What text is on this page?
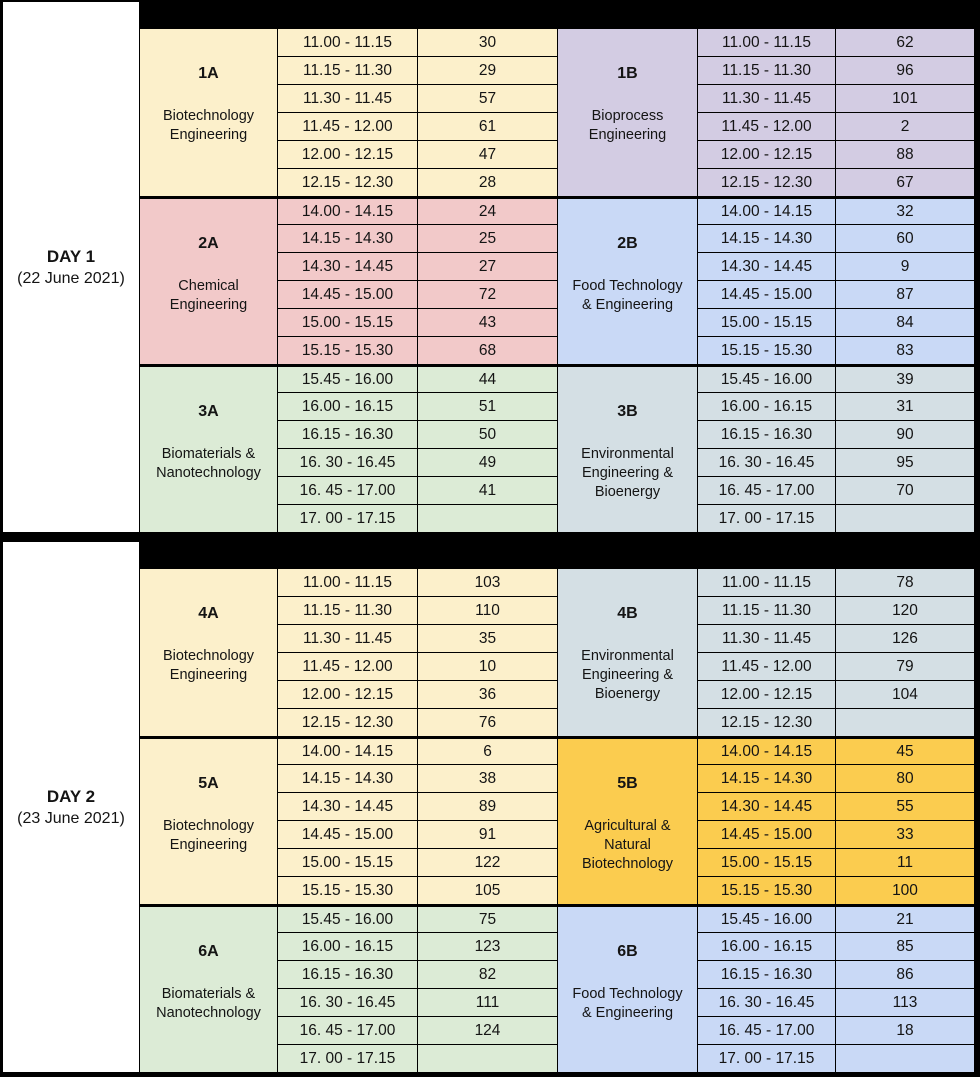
DAY 1
(22 June 2021)
1A
Biotechnology Engineering
11.00 - 11.15	30
11.15 - 11.30	29
11.30 - 11.45	57
11.45 - 12.00	61
12.00 - 12.15	47
12.15 - 12.30	28
1B
Bioprocess Engineering
11.00 - 11.15	62
11.15 - 11.30	96
11.30 - 11.45	101
11.45 - 12.00	2
12.00 - 12.15	88
12.15 - 12.30	67
2A
Chemical Engineering
14.00 - 14.15	24
14.15 - 14.30	25
14.30 - 14.45	27
14.45 - 15.00	72
15.00 - 15.15	43
15.15 - 15.30	68
2B
Food Technology & Engineering
14.00 - 14.15	32
14.15 - 14.30	60
14.30 - 14.45	9
14.45 - 15.00	87
15.00 - 15.15	84
15.15 - 15.30	83
3A
Biomaterials & Nanotechnology
15.45 - 16.00	44
16.00 - 16.15	51
16.15 - 16.30	50
16. 30 - 16.45	49
16. 45 - 17.00	41
17. 00 - 17.15
3B
Environmental Engineering & Bioenergy
15.45 - 16.00	39
16.00 - 16.15	31
16.15 - 16.30	90
16. 30 - 16.45	95
16. 45 - 17.00	70
17. 00 - 17.15
DAY 2
(23 June 2021)
4A
Biotechnology Engineering
11.00 - 11.15	103
11.15 - 11.30	110
11.30 - 11.45	35
11.45 - 12.00	10
12.00 - 12.15	36
12.15 - 12.30	76
4B
Environmental Engineering & Bioenergy
11.00 - 11.15	78
11.15 - 11.30	120
11.30 - 11.45	126
11.45 - 12.00	79
12.00 - 12.15	104
12.15 - 12.30
5A
Biotechnology Engineering
14.00 - 14.15	6
14.15 - 14.30	38
14.30 - 14.45	89
14.45 - 15.00	91
15.00 - 15.15	122
15.15 - 15.30	105
5B
Agricultural & Natural Biotechnology
14.00 - 14.15	45
14.15 - 14.30	80
14.30 - 14.45	55
14.45 - 15.00	33
15.00 - 15.15	11
15.15 - 15.30	100
6A
Biomaterials & Nanotechnology
15.45 - 16.00	75
16.00 - 16.15	123
16.15 - 16.30	82
16. 30 - 16.45	111
16. 45 - 17.00	124
17. 00 - 17.15
6B
Food Technology & Engineering
15.45 - 16.00	21
16.00 - 16.15	85
16.15 - 16.30	86
16. 30 - 16.45	113
16. 45 - 17.00	18
17. 00 - 17.15
